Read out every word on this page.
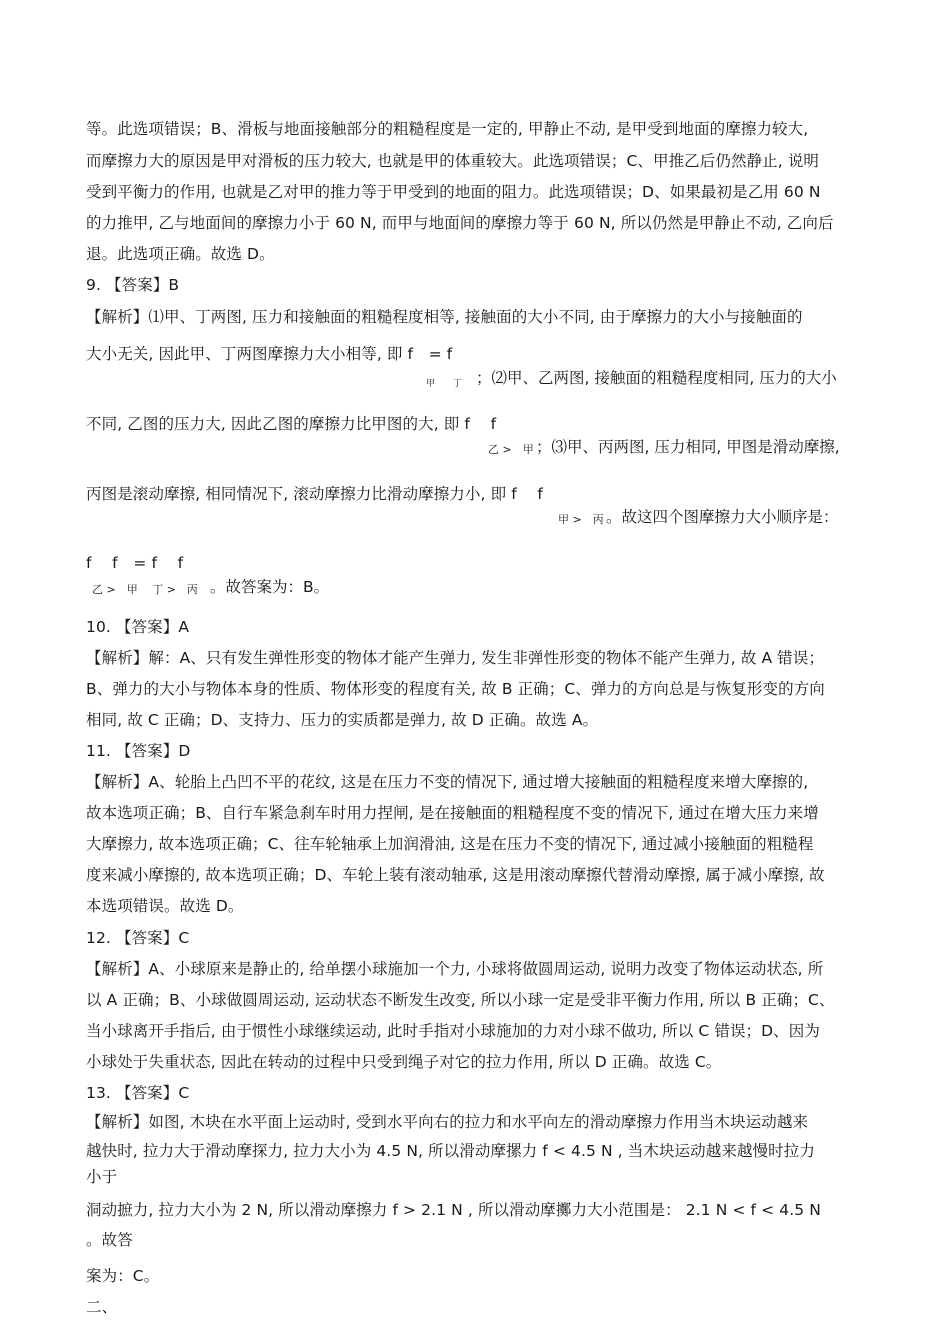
等。此选项错误；B、滑板与地面接触部分的粗糙程度是一定的, 甲静止不动, 是甲受到地面的摩擦力较大,
而摩擦力大的原因是甲对滑板的压力较大, 也就是甲的体重较大。此选项错误；C、甲推乙后仍然静止, 说明
受到平衡力的作用, 也就是乙对甲的推力等于甲受到的地面的阻力。此选项错误；D、如果最初是乙用 60 N
的力推甲, 乙与地面间的摩擦力小于 60 N, 而甲与地面间的摩擦力等于 60 N, 所以仍然是甲静止不动, 乙向后
退。此选项正确。故选 D。
9. 【答案】B
【解析】⑴甲、丁两图, 压力和接触面的粗糙程度相等, 接触面的大小不同, 由于摩擦力的大小与接触面的
大小无关, 因此甲、丁两图摩擦力大小相等, 即 f　= f
甲　　丁 ；⑵甲、乙两图, 接触面的粗糙程度相同, 压力的大小
不同, 乙图的压力大, 因此乙图的摩擦力比甲图的大, 即 f　 f
乙 >　甲 ；⑶甲、丙两图, 压力相同, 甲图是滑动摩擦,
丙图是滚动摩擦, 相同情况下, 滚动摩擦力比滑动摩擦力小, 即 f　 f
甲 >　丙 。故这四个图摩擦力大小顺序是：
f　 f　= f　 f
乙 >　甲　 丁 >　丙 。故答案为：B。
10. 【答案】A
【解析】解：A、只有发生弹性形变的物体才能产生弹力, 发生非弹性形变的物体不能产生弹力, 故 A 错误；
B、弹力的大小与物体本身的性质、物体形变的程度有关, 故 B 正确；C、弹力的方向总是与恢复形变的方向
相同, 故 C 正确；D、支持力、压力的实质都是弹力, 故 D 正确。故选 A。
11. 【答案】D
【解析】A、轮胎上凸凹不平的花纹, 这是在压力不变的情况下, 通过增大接触面的粗糙程度来增大摩擦的,
故本选项正确；B、自行车紧急刹车时用力捏闸, 是在接触面的粗糙程度不变的情况下, 通过在增大压力来增
大摩擦力, 故本选项正确；C、往车轮轴承上加润滑油, 这是在压力不变的情况下, 通过减小接触面的粗糙程
度来减小摩擦的, 故本选项正确；D、车轮上装有滚动轴承, 这是用滚动摩擦代替滑动摩擦, 属于减小摩擦, 故
本选项错误。故选 D。
12. 【答案】C
【解析】A、小球原来是静止的, 给单摆小球施加一个力, 小球将做圆周运动, 说明力改变了物体运动状态, 所
以 A 正确；B、小球做圆周运动, 运动状态不断发生改变, 所以小球一定是受非平衡力作用, 所以 B 正确；C、
当小球离开手指后, 由于惯性小球继续运动, 此时手指对小球施加的力对小球不做功, 所以 C 错误；D、因为
小球处于失重状态, 因此在转动的过程中只受到绳子对它的拉力作用, 所以 D 正确。故选 C。
13. 【答案】C
【解析】如图, 木块在水平面上运动时, 受到水平向右的拉力和水平向左的滑动摩擦力作用当木块运动越来
越快时, 拉力大于滑动摩探力, 拉力大小为 4.5 N, 所以滑动摩摞力 f < 4.5 N , 当木块运动越来越慢时拉力
小于
洞动摭力, 拉力大小为 2 N, 所以滑动摩擦力 f > 2.1 N , 所以滑动摩擲力大小范围是： 2.1 N < f < 4.5 N
。故答
案为：C。
二、
